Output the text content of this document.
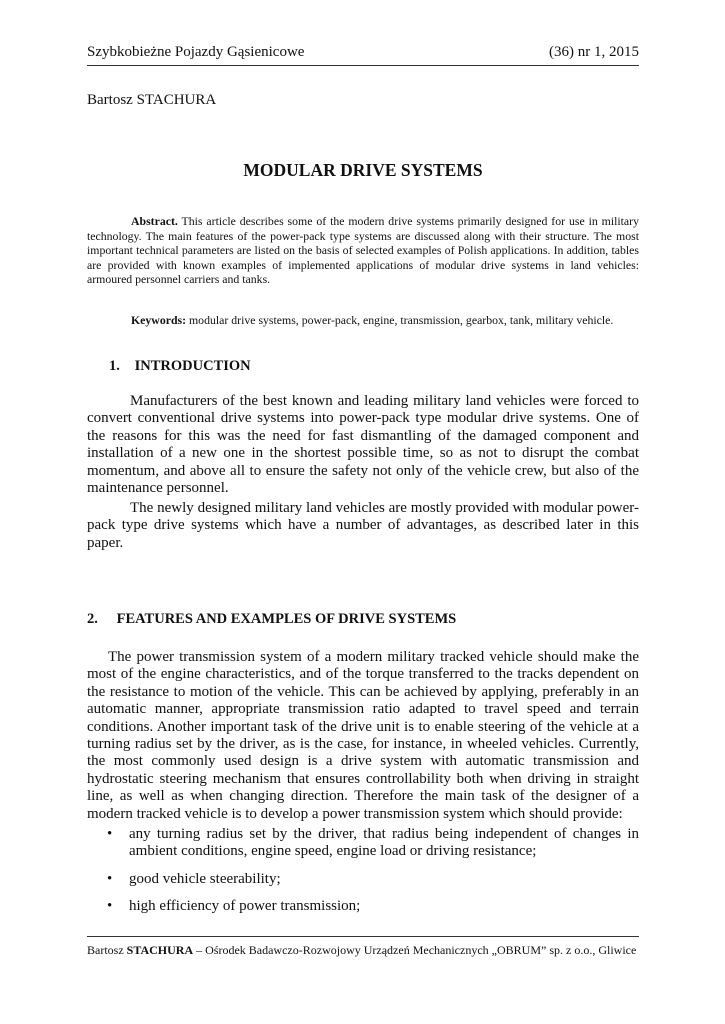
Szybkobieżne Pojazdy Gąsienicowe	(36) nr 1, 2015
Bartosz STACHURA
MODULAR DRIVE SYSTEMS

Abstract. This article describes some of the modern drive systems primarily designed for use in military technology. The main features of the power-pack type systems are discussed along with their structure. The most important technical parameters are listed on the basis of selected examples of Polish applications. In addition, tables are provided with known examples of implemented applications of modular drive systems in land vehicles: armoured personnel carriers and tanks.

Keywords: modular drive systems, power-pack, engine, transmission, gearbox, tank, military vehicle.

1. INTRODUCTION

Manufacturers of the best known and leading military land vehicles were forced to convert conventional drive systems into power-pack type modular drive systems. One of the reasons for this was the need for fast dismantling of the damaged component and installation of a new one in the shortest possible time, so as not to disrupt the combat momentum, and above all to ensure the safety not only of the vehicle crew, but also of the maintenance personnel.

The newly designed military land vehicles are mostly provided with modular power-pack type drive systems which have a number of advantages, as described later in this paper.

2. FEATURES AND EXAMPLES OF DRIVE SYSTEMS

The power transmission system of a modern military tracked vehicle should make the most of the engine characteristics, and of the torque transferred to the tracks dependent on the resistance to motion of the vehicle. This can be achieved by applying, preferably in an automatic manner, appropriate transmission ratio adapted to travel speed and terrain conditions. Another important task of the drive unit is to enable steering of the vehicle at a turning radius set by the driver, as is the case, for instance, in wheeled vehicles. Currently, the most commonly used design is a drive system with automatic transmission and hydrostatic steering mechanism that ensures controllability both when driving in straight line, as well as when changing direction. Therefore the main task of the designer of a modern tracked vehicle is to develop a power transmission system which should provide:

• any turning radius set by the driver, that radius being independent of changes in ambient conditions, engine speed, engine load or driving resistance;
• good vehicle steerability;
• high efficiency of power transmission;

Bartosz STACHURA – Ośrodek Badawczo-Rozwojowy Urządzeń Mechanicznych „OBRUM” sp. z o.o., Gliwice
